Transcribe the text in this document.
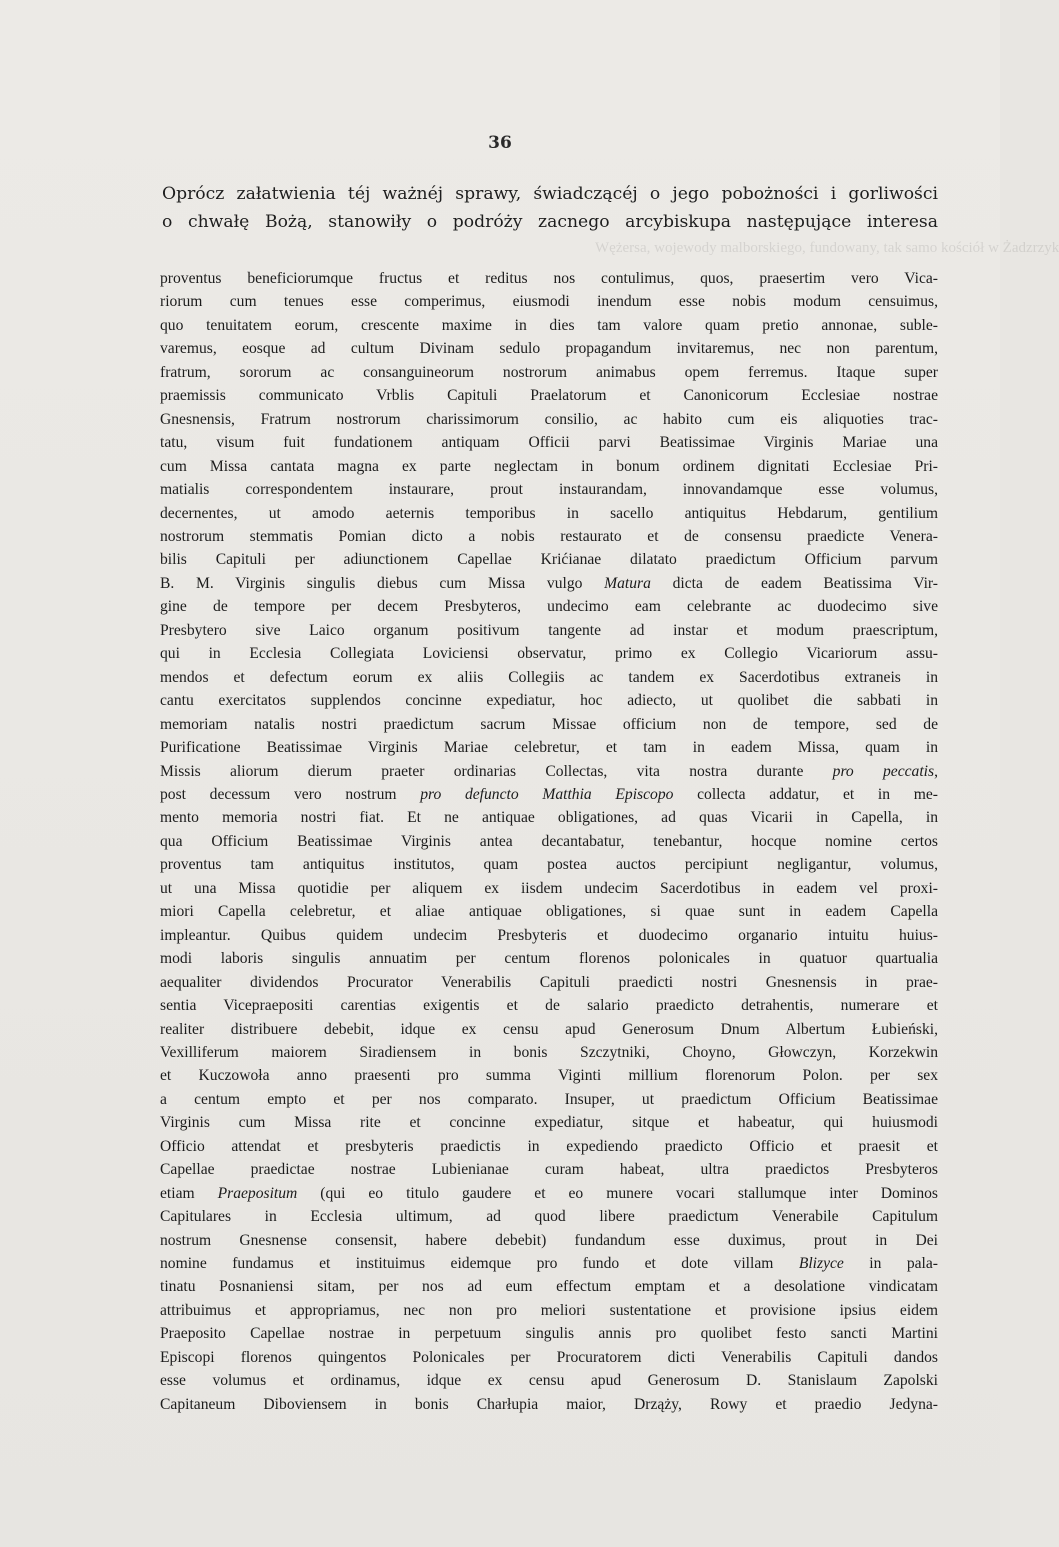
36
Wężersa, wojewody malborskiego, fundowany, tak samo kościół w Żadzrzyk
Oprócz załatwienia téj ważnéj sprawy, świadczącéj o jego pobożności i gorliwości
o chwałę Bożą, stanowiły o podróży zacnego arcybiskupa następujące interesa
proventus beneficiorumque fructus et reditus nos contulimus, quos, praesertim vero Vica-
riorum cum tenues esse comperimus, eiusmodi inendum esse nobis modum censuimus,
quo tenuitatem eorum, crescente maxime in dies tam valore quam pretio annonae, suble-
varemus, eosque ad cultum Divinam sedulo propagandum invitaremus, nec non parentum,
fratrum, sororum ac consanguineorum nostrorum animabus opem ferremus. Itaque super
praemissis communicato Vrblis Capituli Praelatorum et Canonicorum Ecclesiae nostrae
Gnesnensis, Fratrum nostrorum charissimorum consilio, ac habito cum eis aliquoties trac-
tatu, visum fuit fundationem antiquam Officii parvi Beatissimae Virginis Mariae una
cum Missa cantata magna ex parte neglectam in bonum ordinem dignitati Ecclesiae Pri-
matialis correspondentem instaurare, prout instaurandam, innovandamque esse volumus,
decernentes, ut amodo aeternis temporibus in sacello antiquitus Hebdarum, gentilium
nostrorum stemmatis Pomian dicto a nobis restaurato et de consensu praedicte Venera-
bilis Capituli per adiunctionem Capellae Krićianae dilatato praedictum Officium parvum
B. M. Virginis singulis diebus cum Missa vulgo Matura dicta de eadem Beatissima Vir-
gine de tempore per decem Presbyteros, undecimo eam celebrante ac duodecimo sive
Presbytero sive Laico organum positivum tangente ad instar et modum praescriptum,
qui in Ecclesia Collegiata Loviciensi observatur, primo ex Collegio Vicariorum assu-
mendos et defectum eorum ex aliis Collegiis ac tandem ex Sacerdotibus extraneis in
cantu exercitatos supplendos concinne expediatur, hoc adiecto, ut quolibet die sabbati in
memoriam natalis nostri praedictum sacrum Missae officium non de tempore, sed de
Purificatione Beatissimae Virginis Mariae celebretur, et tam in eadem Missa, quam in
Missis aliorum dierum praeter ordinarias Collectas, vita nostra durante pro peccatis,
post decessum vero nostrum pro defuncto Matthia Episcopo collecta addatur, et in me-
mento memoria nostri fiat. Et ne antiquae obligationes, ad quas Vicarii in Capella, in
qua Officium Beatissimae Virginis antea decantabatur, tenebantur, hocque nomine certos
proventus tam antiquitus institutos, quam postea auctos percipiunt negligantur, volumus,
ut una Missa quotidie per aliquem ex iisdem undecim Sacerdotibus in eadem vel proxi-
miori Capella celebretur, et aliae antiquae obligationes, si quae sunt in eadem Capella
impleantur. Quibus quidem undecim Presbyteris et duodecimo organario intuitu huius-
modi laboris singulis annuatim per centum florenos polonicales in quatuor quartualia
aequaliter dividendos Procurator Venerabilis Capituli praedicti nostri Gnesnensis in prae-
sentia Vicepraepositi carentias exigentis et de salario praedicto detrahentis, numerare et
realiter distribuere debebit, idque ex censu apud Generosum Dnum Albertum Łubieński,
Vexilliferum maiorem Siradiensem in bonis Szczytniki, Choyno, Głowczyn, Korzekwin
et Kuczowoła anno praesenti pro summa Viginti millium florenorum Polon. per sex
a centum empto et per nos comparato. Insuper, ut praedictum Officium Beatissimae
Virginis cum Missa rite et concinne expediatur, sitque et habeatur, qui huiusmodi
Officio attendat et presbyteris praedictis in expediendo praedicto Officio et praesit et
Capellae praedictae nostrae Lubienianae curam habeat, ultra praedictos Presbyteros
etiam Praepositum (qui eo titulo gaudere et eo munere vocari stallumque inter Dominos
Capitulares in Ecclesia ultimum, ad quod libere praedictum Venerabile Capitulum
nostrum Gnesnense consensit, habere debebit) fundandum esse duximus, prout in Dei
nomine fundamus et instituimus eidemque pro fundo et dote villam Blizyce in pala-
tinatu Posnaniensi sitam, per nos ad eum effectum emptam et a desolatione vindicatam
attribuimus et appropriamus, nec non pro meliori sustentatione et provisione ipsius eidem
Praeposito Capellae nostrae in perpetuum singulis annis pro quolibet festo sancti Martini
Episcopi florenos quingentos Polonicales per Procuratorem dicti Venerabilis Capituli dandos
esse volumus et ordinamus, idque ex censu apud Generosum D. Stanislaum Zapolski
Capitaneum Diboviensem in bonis Charłupia maior, Drząży, Rowy et praedio Jedyna-
